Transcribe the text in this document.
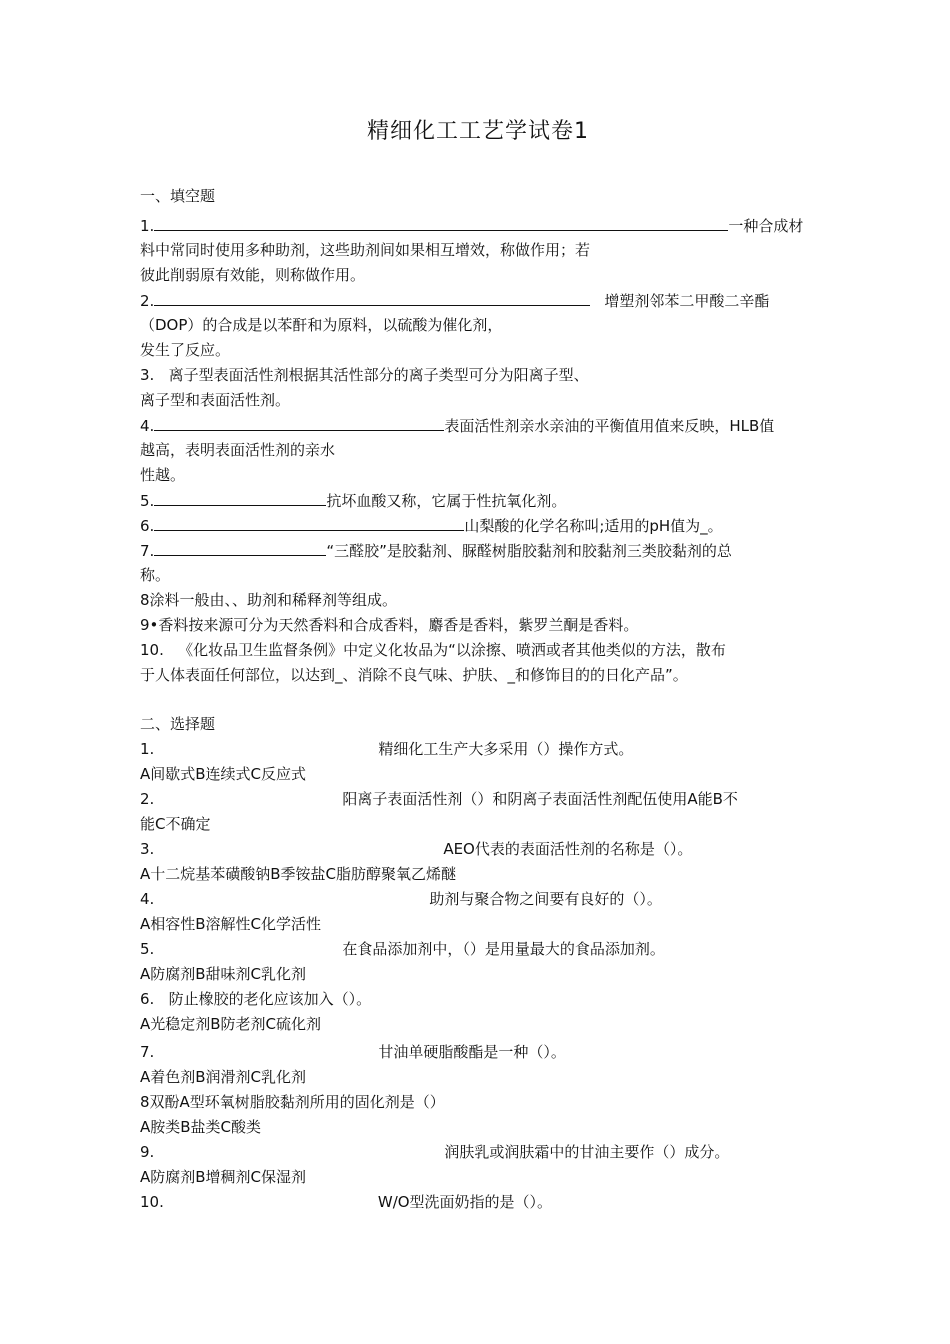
精细化工工艺学试卷1
一、填空题
1.	一种合成材
料中常同时使用多种助剂，这些助剂间如果相互增效，称做作用；若
彼此削弱原有效能，则称做作用。
2.	增塑剂邻苯二甲酸二辛酯
（DOP）的合成是以苯酐和为原料，以硫酸为催化剂，
发生了反应。
3.   离子型表面活性剂根据其活性部分的离子类型可分为阳离子型、
离子型和表面活性剂。
4.	表面活性剂亲水亲油的平衡值用值来反映，HLB值
越高，表明表面活性剂的亲水
性越。
5.	抗坏血酸又称，它属于性抗氧化剂。
6.	山梨酸的化学名称叫;适用的pH值为_。
7.	“三醛胶”是胶黏剂、脲醛树脂胶黏剂和胶黏剂三类胶黏剂的总
称。
8涂料一般由、、助剂和稀释剂等组成。
9•香料按来源可分为天然香料和合成香料，麝香是香料，紫罗兰酮是香料。
10.   《化妆品卫生监督条例》中定义化妆品为“以涂擦、喷洒或者其他类似的方法，散布
于人体表面任何部位，以达到_、消除不良气味、护肤、_和修饰目的的日化产品”。
二、选择题
1.	精细化工生产大多采用（）操作方式。
A间歇式B连续式C反应式
2.	阳离子表面活性剂（）和阴离子表面活性剂配伍使用A能B不
能C不确定
3.	AEO代表的表面活性剂的名称是（）。
A十二烷基苯磺酸钠B季铵盐C脂肪醇聚氧乙烯醚
4.	助剂与聚合物之间要有良好的（）。
A相容性B溶解性C化学活性
5.	在食品添加剂中，（）是用量最大的食品添加剂。
A防腐剂B甜味剂C乳化剂
6.   防止橡胶的老化应该加入（）。
A光稳定剂B防老剂C硫化剂
7.	甘油单硬脂酸酯是一种（）。
A着色剂B润滑剂C乳化剂
8双酚A型环氧树脂胶黏剂所用的固化剂是（）
A胺类B盐类C酸类
9.	润肤乳或润肤霜中的甘油主要作（）成分。
A防腐剂B增稠剂C保湿剂
10.	W/O型洗面奶指的是（）。
